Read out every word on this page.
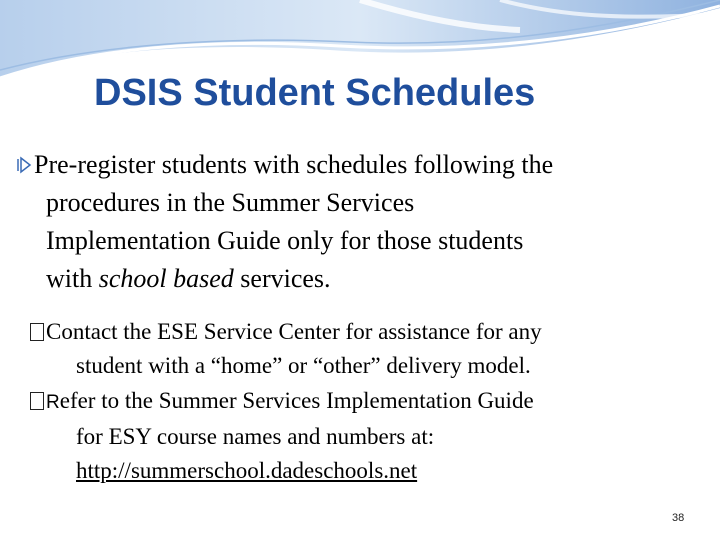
DSIS Student Schedules
Pre-register students with schedules following the
procedures in the Summer Services
Implementation Guide only for those students
with school based services.
Contact the ESE Service Center for assistance for any
student with a “home” or “other” delivery model.
Refer to the Summer Services Implementation Guide
for ESY course names and numbers at:
http://summerschool.dadeschools.net
38
